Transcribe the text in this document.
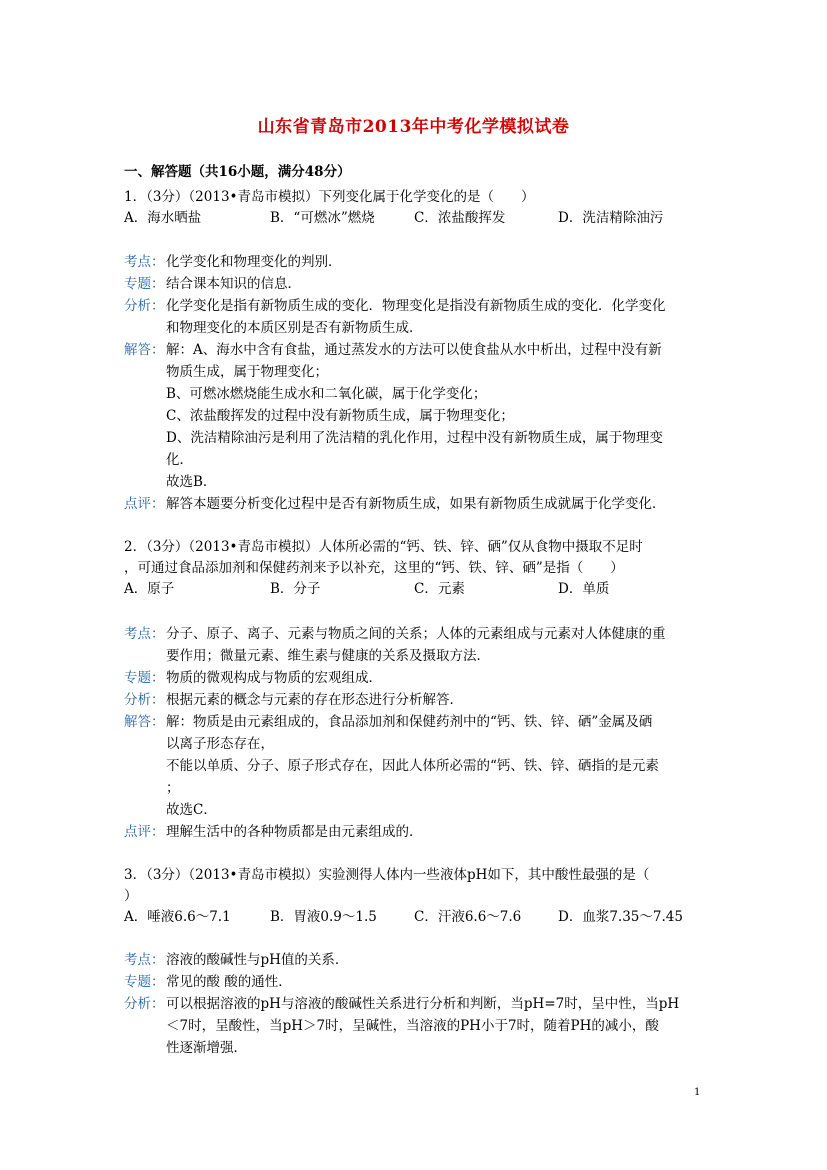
山东省青岛市2013年中考化学模拟试卷
一、解答题（共16小题，满分48分）
1．（3分）（2013•青岛市模拟）下列变化属于化学变化的是（　　）
A．海水晒盐	B．“可燃冰”燃烧	C．浓盐酸挥发	D．洗洁精除油污
考点： 化学变化和物理变化的判别．
专题： 结合课本知识的信息．
分析： 化学变化是指有新物质生成的变化．物理变化是指没有新物质生成的变化．化学变化
和物理变化的本质区别是否有新物质生成．
解答： 解：A、海水中含有食盐，通过蒸发水的方法可以使食盐从水中析出，过程中没有新
物质生成，属于物理变化；
B、可燃冰燃烧能生成水和二氧化碳，属于化学变化；
C、浓盐酸挥发的过程中没有新物质生成，属于物理变化；
D、洗洁精除油污是利用了洗洁精的乳化作用，过程中没有新物质生成，属于物理变
化．
故选B．
点评： 解答本题要分析变化过程中是否有新物质生成，如果有新物质生成就属于化学变化．
2．（3分）（2013•青岛市模拟）人体所必需的“钙、铁、锌、硒”仅从食物中摄取不足时
，可通过食品添加剂和保健药剂来予以补充，这里的“钙、铁、锌、硒”是指（　　）
A．原子	B．分子	C．元素	D．单质
考点： 分子、原子、离子、元素与物质之间的关系；人体的元素组成与元素对人体健康的重
要作用；微量元素、维生素与健康的关系及摄取方法．
专题： 物质的微观构成与物质的宏观组成．
分析： 根据元素的概念与元素的存在形态进行分析解答．
解答： 解：物质是由元素组成的，食品添加剂和保健药剂中的“钙、铁、锌、硒”金属及硒
以离子形态存在，
不能以单质、分子、原子形式存在，因此人体所必需的“钙、铁、锌、硒指的是元素
；
故选C．
点评： 理解生活中的各种物质都是由元素组成的．
3．（3分）（2013•青岛市模拟）实验测得人体内一些液体pH如下，其中酸性最强的是（
）
A．唾液6.6～7.1	B．胃液0.9～1.5	C．汗液6.6～7.6	D．血浆7.35～7.45
考点： 溶液的酸碱性与pH值的关系．
专题： 常见的酸 酸的通性．
分析： 可以根据溶液的pH与溶液的酸碱性关系进行分析和判断，当pH=7时，呈中性，当pH
＜7时，呈酸性，当pH＞7时，呈碱性，当溶液的PH小于7时，随着PH的减小，酸
性逐渐增强．
1
